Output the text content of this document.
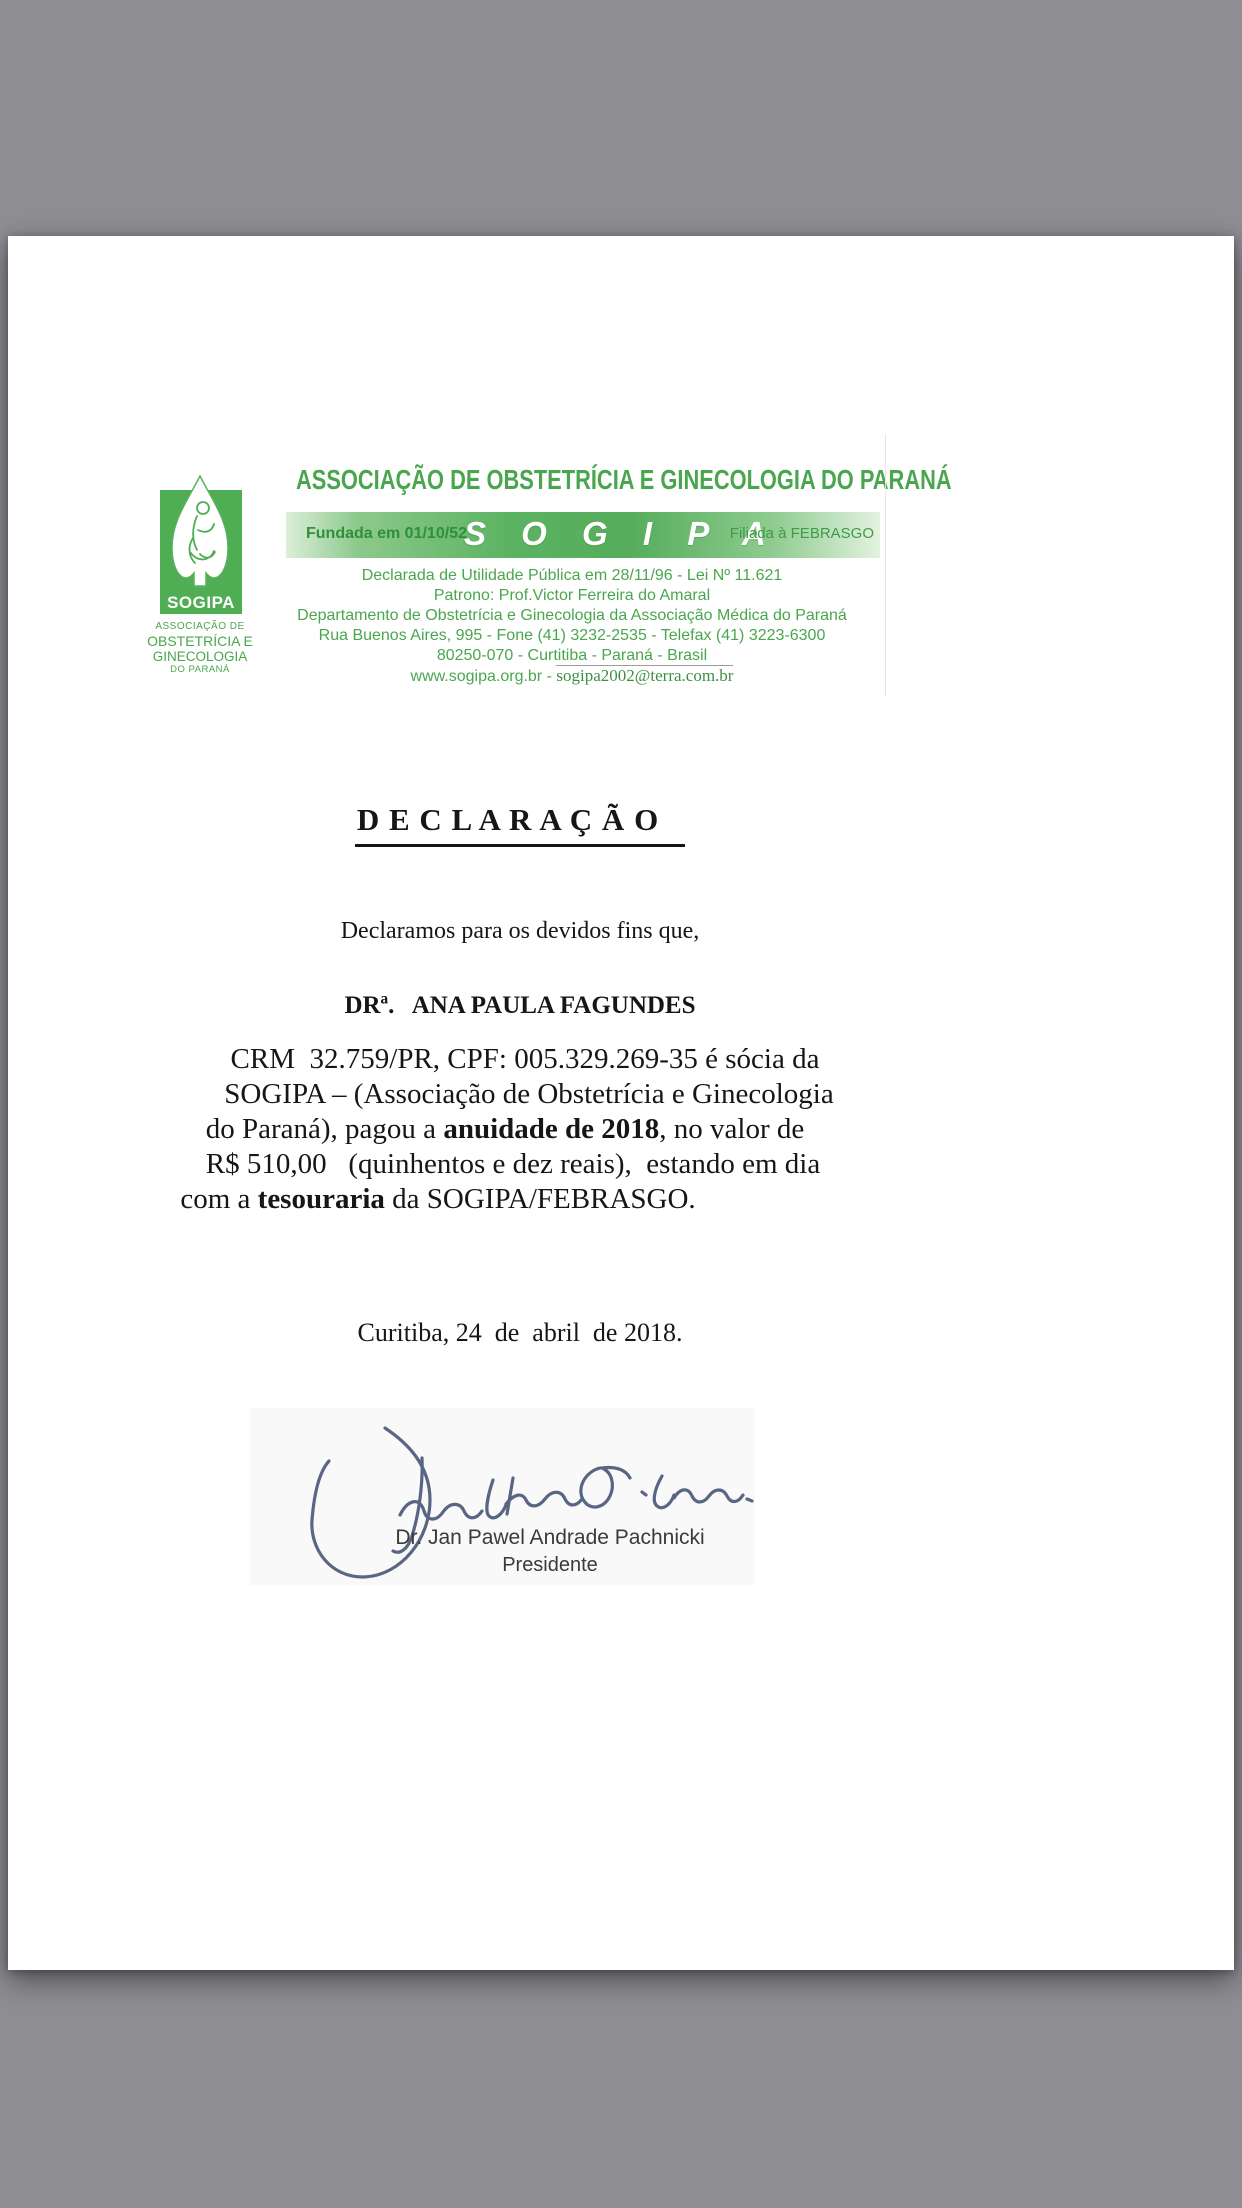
ASSOCIAÇÃO DE OBSTETRÍCIA E GINECOLOGIA DO PARANÁ
Fundada em 01/10/52
S O G I P A
Filiada à FEBRASGO
Declarada de Utilidade Pública em 28/11/96 - Lei Nº 11.621
Patrono: Prof.Victor Ferreira do Amaral
Departamento de Obstetrícia e Ginecologia da Associação Médica do Paraná
Rua Buenos Aires, 995 - Fone (41) 3232-2535 - Telefax (41) 3223-6300
80250-070 - Curtitiba - Paraná - Brasil
www.sogipa.org.br - sogipa2002@terra.com.br
SOGIPA
ASSOCIAÇÃO DE
OBSTETRÍCIA E
GINECOLOGIA
DO PARANÁ
D E C L A R A Ç Ã O
Declaramos para os devidos fins que,
DRª.   ANA PAULA FAGUNDES
CRM  32.759/PR, CPF: 005.329.269-35 é sócia da
SOGIPA – (Associação de Obstetrícia e Ginecologia
do Paraná), pagou a anuidade de 2018, no valor de
R$ 510,00   (quinhentos e dez reais),  estando em dia
com a tesouraria da SOGIPA/FEBRASGO.
Curitiba, 24  de  abril  de 2018.
Dr. Jan Pawel Andrade Pachnicki
Presidente
